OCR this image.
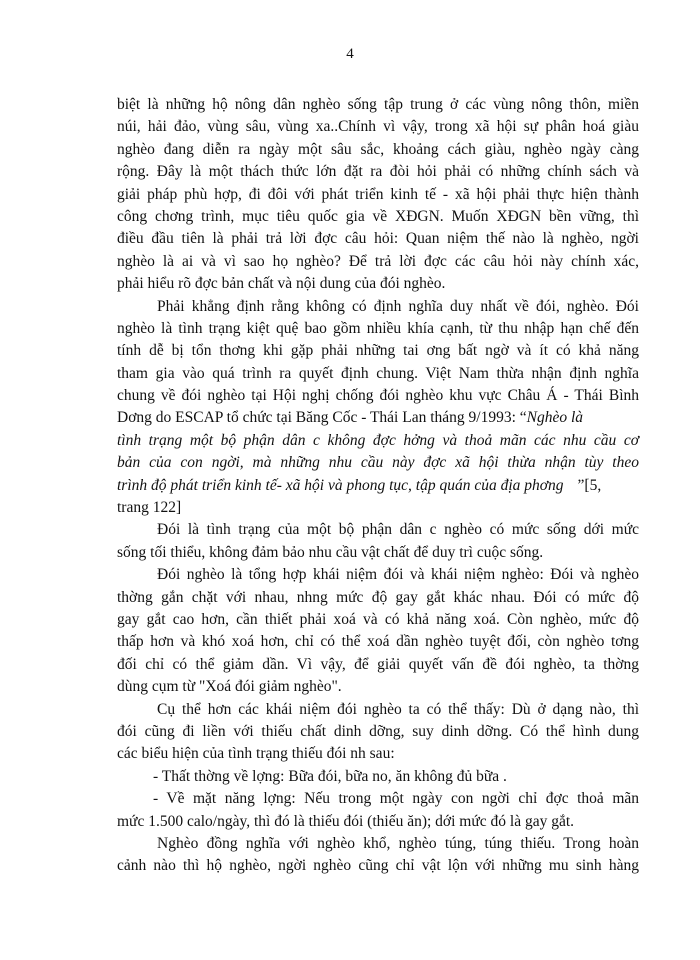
4
biệt là những hộ nông dân nghèo sống tập trung ở các vùng nông thôn, miền
núi, hải đảo, vùng sâu, vùng xa..Chính vì vậy, trong xã hội sự phân hoá giàu
nghèo đang diễn ra ngày một sâu sắc, khoảng cách giàu, nghèo ngày càng
rộng. Đây là một thách thức lớn đặt ra đòi hỏi phải có những chính sách và
giải pháp phù hợp, đi đôi với phát triển kinh tế - xã hội phải thực hiện thành
công chơng trình, mục tiêu quốc gia về XĐGN. Muốn XĐGN bền vững, thì
điều đầu tiên là phải trả lời đợc câu hỏi: Quan niệm thế nào là nghèo, ngời
nghèo là ai và vì sao họ nghèo? Để trả lời đợc các câu hỏi này chính xác,
phải hiểu rõ đợc bản chất và nội dung của đói nghèo.
Phải khẳng định rằng không có định nghĩa duy nhất về đói, nghèo. Đói
nghèo là tình trạng kiệt quệ bao gồm nhiều khía cạnh, từ thu nhập hạn chế đến
tính dễ bị tổn thơng khi gặp phải những tai ơng bất ngờ và ít có khả năng
tham gia vào quá trình ra quyết định chung. Việt Nam thừa nhận định nghĩa
chung về đói nghèo tại Hội nghị chống đói nghèo khu vực Châu Á - Thái Bình
Dơng do ESCAP tổ chức tại Băng Cốc - Thái Lan tháng 9/1993: “Nghèo là
tình trạng một bộ phận dân c không đợc hởng và thoả mãn các nhu cầu cơ
bản của con ngời, mà những nhu cầu này đợc xã hội thừa nhận tùy theo
trình độ phát triển kinh tế- xã hội và phong tục, tập quán của địa phơng ”[5,
trang 122]
Đói là tình trạng của một bộ phận dân c nghèo có mức sống dới mức
sống tối thiểu, không đảm bảo nhu cầu vật chất để duy trì cuộc sống.
Đói nghèo là tổng hợp khái niệm đói và khái niệm nghèo: Đói và nghèo
thờng gắn chặt với nhau, nhng mức độ gay gắt khác nhau. Đói có mức độ
gay gắt cao hơn, cần thiết phải xoá và có khả năng xoá. Còn nghèo, mức độ
thấp hơn và khó xoá hơn, chỉ có thể xoá dần nghèo tuyệt đối, còn nghèo tơng
đối chỉ có thể giảm dần. Vì vậy, để giải quyết vấn đề đói nghèo, ta thờng
dùng cụm từ "Xoá đói giảm nghèo".
Cụ thể hơn các khái niệm đói nghèo ta có thể thấy: Dù ở dạng nào, thì
đói cũng đi liền với thiếu chất dinh dỡng, suy dinh dỡng. Có thể hình dung
các biểu hiện của tình trạng thiếu đói nh sau:
- Thất thờng về lợng: Bữa đói, bữa no, ăn không đủ bữa .
- Về mặt năng lợng: Nếu trong một ngày con ngời chỉ đợc thoả mãn
mức 1.500 calo/ngày, thì đó là thiếu đói (thiếu ăn); dới mức đó là gay gắt.
Nghèo đồng nghĩa với nghèo khổ, nghèo túng, túng thiếu. Trong hoàn
cảnh nào thì hộ nghèo, ngời nghèo cũng chỉ vật lộn với những mu sinh hàng
